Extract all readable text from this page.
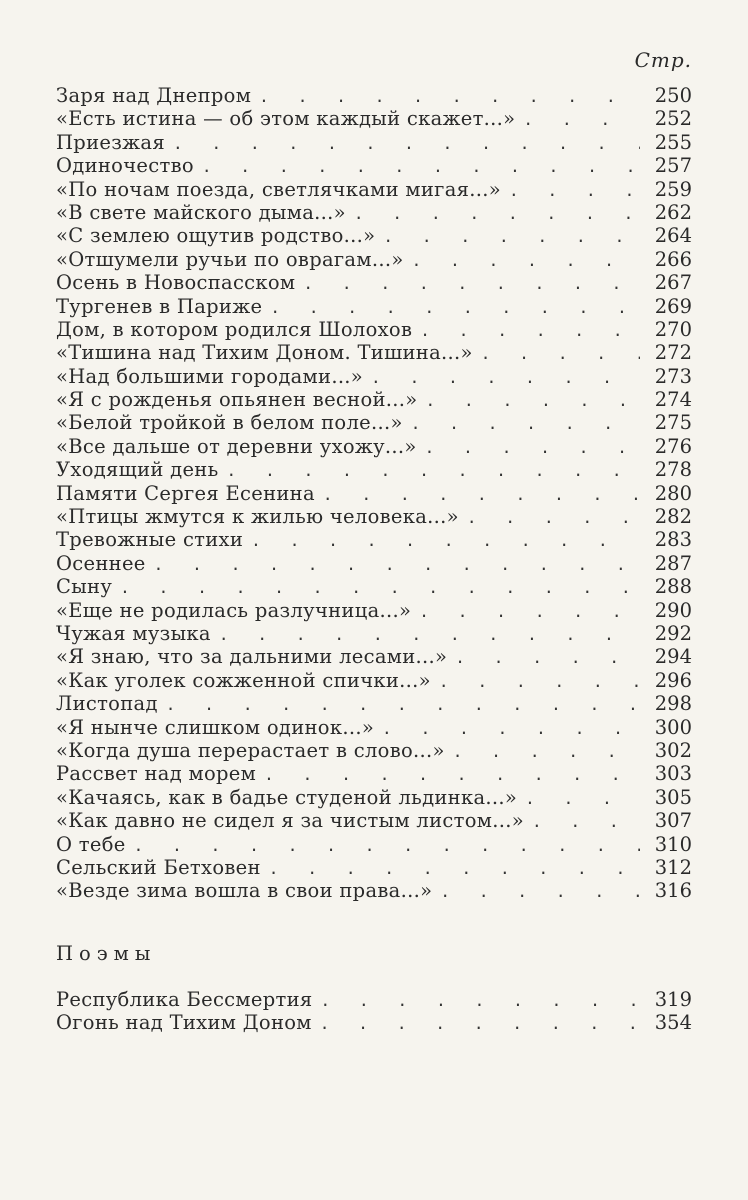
Стр.
Заря над Днепром . .	250
«Есть истина — об этом каждый скажет...» . .	252
Приезжая . .	255
Одиночество . .	257
«По ночам поезда, светлячками мигая...» . .	259
«В свете майского дыма...» . .	262
«С землею ощутив родство...» . .	264
«Отшумели ручьи по оврагам...» . .	266
Осень в Новоспасском . .	267
Тургенев в Париже . .	269
Дом, в котором родился Шолохов . .	270
«Тишина над Тихим Доном. Тишина...» . .	272
«Над большими городами...» . .	273
«Я с рожденья опьянен весной...» . .	274
«Белой тройкой в белом поле...» . .	275
«Все дальше от деревни ухожу...» . .	276
Уходящий день . .	278
Памяти Сергея Есенина . .	280
«Птицы жмутся к жилью человека...» . .	282
Тревожные стихи . .	283
Осеннее . .	287
Сыну . .	288
«Еще не родилась разлучница...» . .	290
Чужая музыка . .	292
«Я знаю, что за дальними лесами...» . .	294
«Как уголек сожженной спички...» . .	296
Листопад . .	298
«Я нынче слишком одинок...» . .	300
«Когда душа перерастает в слово...» . .	302
Рассвет над морем . .	303
«Качаясь, как в бадье студеной льдинка...» . .	305
«Как давно не сидел я за чистым листом...» . .	307
О тебе . .	310
Сельский Бетховен . .	312
«Везде зима вошла в свои права...» . .	316
Поэмы
Республика Бессмертия . .	319
Огонь над Тихим Доном . .	354
